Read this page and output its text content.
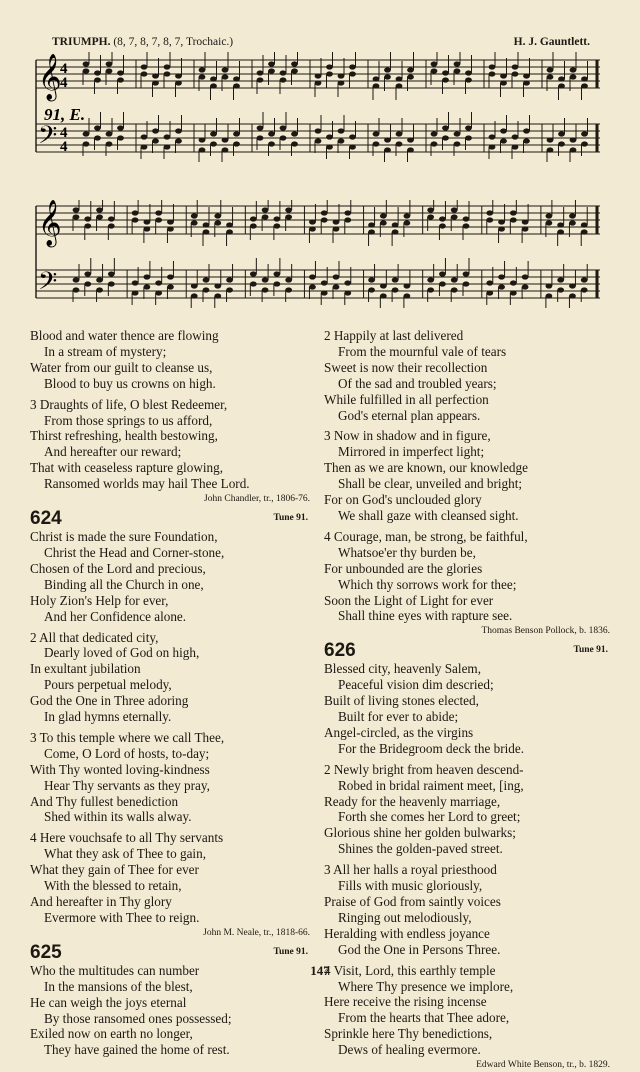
TRIUMPH. (8, 7, 8, 7, 8, 7, Trochaic.)	H. J. Gauntlett.
91, E.
𝄞
𝄢
4
4
4
4
𝄞
𝄢
Blood and water thence are flowing
In a stream of mystery;
Water from our guilt to cleanse us,
Blood to buy us crowns on high.
3 Draughts of life, O blest Redeemer,
From those springs to us afford,
Thirst refreshing, health bestowing,
And hereafter our reward;
That with ceaseless rapture glowing,
Ransomed worlds may hail Thee Lord.
John Chandler, tr., 1806-76.
624	Tune 91.
Christ is made the sure Foundation,
Christ the Head and Corner-stone,
Chosen of the Lord and precious,
Binding all the Church in one,
Holy Zion's Help for ever,
And her Confidence alone.
2 All that dedicated city,
Dearly loved of God on high,
In exultant jubilation
Pours perpetual melody,
God the One in Three adoring
In glad hymns eternally.
3 To this temple where we call Thee,
Come, O Lord of hosts, to-day;
With Thy wonted loving-kindness
Hear Thy servants as they pray,
And Thy fullest benediction
Shed within its walls alway.
4 Here vouchsafe to all Thy servants
What they ask of Thee to gain,
What they gain of Thee for ever
With the blessed to retain,
And hereafter in Thy glory
Evermore with Thee to reign.
John M. Neale, tr., 1818-66.
625	Tune 91.
Who the multitudes can number
In the mansions of the blest,
He can weigh the joys eternal
By those ransomed ones possessed;
Exiled now on earth no longer,
They have gained the home of rest.
2 Happily at last delivered
From the mournful vale of tears
Sweet is now their recollection
Of the sad and troubled years;
While fulfilled in all perfection
God's eternal plan appears.
3 Now in shadow and in figure,
Mirrored in imperfect light;
Then as we are known, our knowledge
Shall be clear, unveiled and bright;
For on God's unclouded glory
We shall gaze with cleansed sight.
4 Courage, man, be strong, be faithful,
Whatsoe'er thy burden be,
For unbounded are the glories
Which thy sorrows work for thee;
Soon the Light of Light for ever
Shall thine eyes with rapture see.
Thomas Benson Pollock, b. 1836.
626	Tune 91.
Blessed city, heavenly Salem,
Peaceful vision dim descried;
Built of living stones elected,
Built for ever to abide;
Angel-circled, as the virgins
For the Bridegroom deck the bride.
2 Newly bright from heaven descend-
Robed in bridal raiment meet, [ing,
Ready for the heavenly marriage,
Forth she comes her Lord to greet;
Glorious shine her golden bulwarks;
Shines the golden-paved street.
3 All her halls a royal priesthood
Fills with music gloriously,
Praise of God from saintly voices
Ringing out melodiously,
Heralding with endless joyance
God the One in Persons Three.
4 Visit, Lord, this earthly temple
Where Thy presence we implore,
Here receive the rising incense
From the hearts that Thee adore,
Sprinkle here Thy benedictions,
Dews of healing evermore.
Edward White Benson, tr., b. 1829.
147
